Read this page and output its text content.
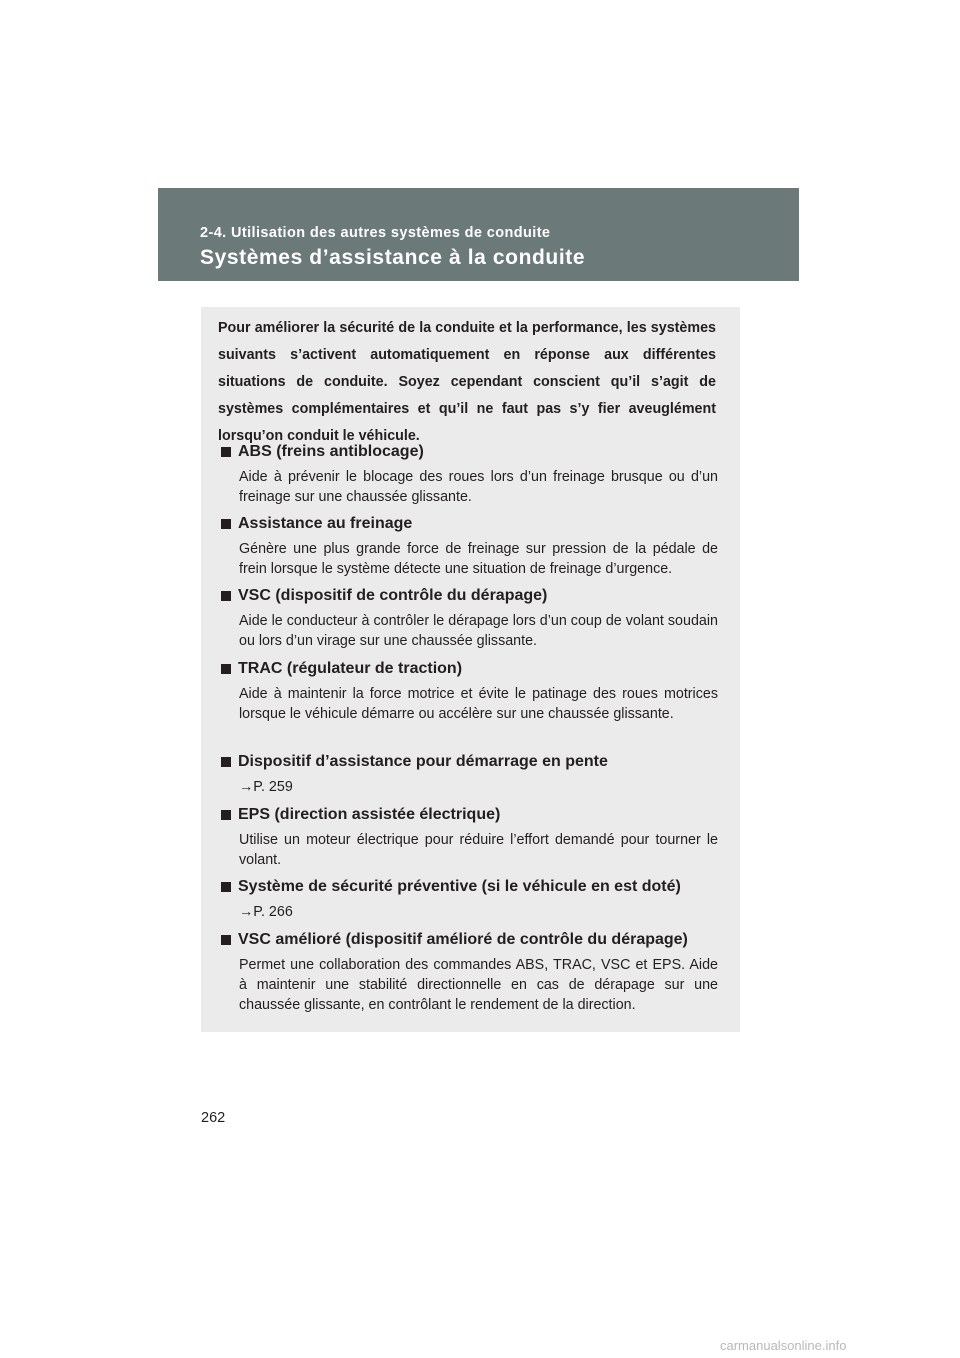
2-4. Utilisation des autres systèmes de conduite
Systèmes d’assistance à la conduite
Pour améliorer la sécurité de la conduite et la performance, les systèmes suivants s’activent automatiquement en réponse aux différentes situations de conduite. Soyez cependant conscient qu’il s’agit de systèmes complémentaires et qu’il ne faut pas s’y fier aveuglément lorsqu’on conduit le véhicule.
ABS (freins antiblocage)
Aide à prévenir le blocage des roues lors d’un freinage brusque ou d’un freinage sur une chaussée glissante.
Assistance au freinage
Génère une plus grande force de freinage sur pression de la pédale de frein lorsque le système détecte une situation de freinage d’urgence.
VSC (dispositif de contrôle du dérapage)
Aide le conducteur à contrôler le dérapage lors d’un coup de volant soudain ou lors d’un virage sur une chaussée glissante.
TRAC (régulateur de traction)
Aide à maintenir la force motrice et évite le patinage des roues motrices lorsque le véhicule démarre ou accélère sur une chaussée glissante.
Dispositif d’assistance pour démarrage en pente
→P. 259
EPS (direction assistée électrique)
Utilise un moteur électrique pour réduire l’effort demandé pour tourner le volant.
Système de sécurité préventive (si le véhicule en est doté)
→P. 266
VSC amélioré (dispositif amélioré de contrôle du dérapage)
Permet une collaboration des commandes ABS, TRAC, VSC et EPS. Aide à maintenir une stabilité directionnelle en cas de dérapage sur une chaussée glissante, en contrôlant le rendement de la direction.
262
carmanualsonline.info
